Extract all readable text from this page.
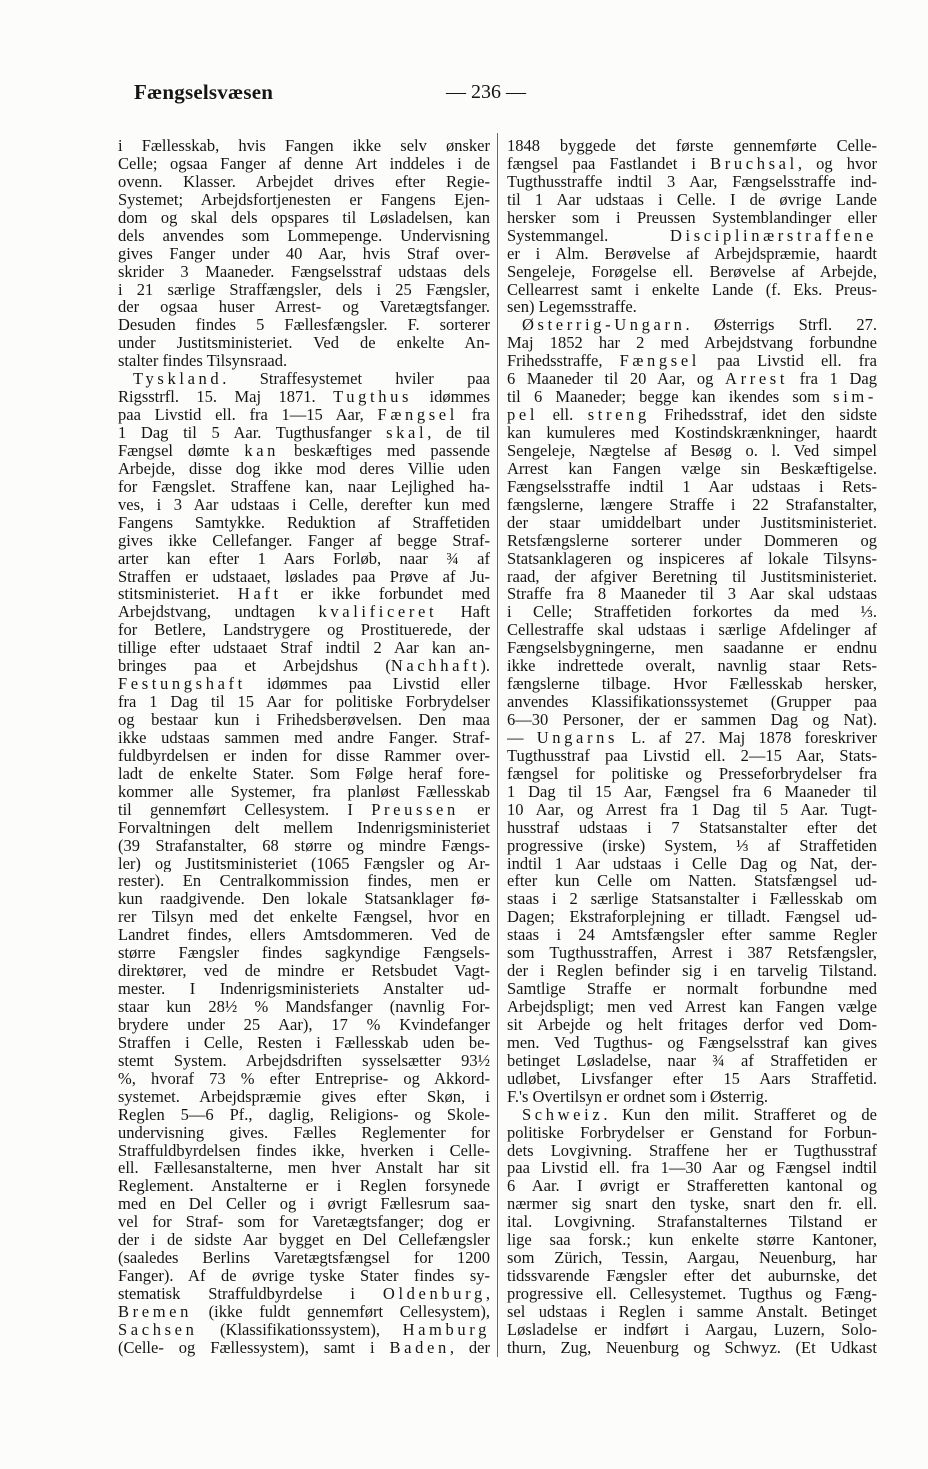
Fængselsvæsen	— 236 —
i Fællesskab, hvis Fangen ikke selv ønsker
Celle; ogsaa Fanger af denne Art inddeles i de
ovenn. Klasser. Arbejdet drives efter Regie-
Systemet; Arbejdsfortjenesten er Fangens Ejen-
dom og skal dels opspares til Løsladelsen, kan
dels anvendes som Lommepenge. Undervisning
gives Fanger under 40 Aar, hvis Straf over-
skrider 3 Maaneder. Fængselsstraf udstaas dels
i 21 særlige Straffængsler, dels i 25 Fængsler,
der ogsaa huser Arrest- og Varetægtsfanger.
Desuden findes 5 Fællesfængsler. F. sorterer
under Justitsministeriet. Ved de enkelte An-
stalter findes Tilsynsraad.
Tyskland. Straffesystemet hviler paa
Rigsstrfl. 15. Maj 1871. Tugthus idømmes
paa Livstid ell. fra 1—15 Aar, Fængsel fra
1 Dag til 5 Aar. Tugthusfanger skal, de til
Fængsel dømte kan beskæftiges med passende
Arbejde, disse dog ikke mod deres Villie uden
for Fængslet. Straffene kan, naar Lejlighed ha-
ves, i 3 Aar udstaas i Celle, derefter kun med
Fangens Samtykke. Reduktion af Straffetiden
gives ikke Cellefanger. Fanger af begge Straf-
arter kan efter 1 Aars Forløb, naar ¾ af
Straffen er udstaaet, løslades paa Prøve af Ju-
stitsministeriet. Haft er ikke forbundet med
Arbejdstvang, undtagen kvalificeret Haft
for Betlere, Landstrygere og Prostituerede, der
tillige efter udstaaet Straf indtil 2 Aar kan an-
bringes paa et Arbejdshus (Nachhaft).
Festungshaft idømmes paa Livstid eller
fra 1 Dag til 15 Aar for politiske Forbrydelser
og bestaar kun i Frihedsberøvelsen. Den maa
ikke udstaas sammen med andre Fanger. Straf-
fuldbyrdelsen er inden for disse Rammer over-
ladt de enkelte Stater. Som Følge heraf fore-
kommer alle Systemer, fra planløst Fællesskab
til gennemført Cellesystem. I Preussen er
Forvaltningen delt mellem Indenrigsministeriet
(39 Strafanstalter, 68 større og mindre Fængs-
ler) og Justitsministeriet (1065 Fængsler og Ar-
rester). En Centralkommission findes, men er
kun raadgivende. Den lokale Statsanklager fø-
rer Tilsyn med det enkelte Fængsel, hvor en
Landret findes, ellers Amtsdommeren. Ved de
større Fængsler findes sagkyndige Fængsels-
direktører, ved de mindre er Retsbudet Vagt-
mester. I Indenrigsministeriets Anstalter ud-
staar kun 28½ % Mandsfanger (navnlig For-
brydere under 25 Aar), 17 % Kvindefanger
Straffen i Celle, Resten i Fællesskab uden be-
stemt System. Arbejdsdriften sysselsætter 93½
%, hvoraf 73 % efter Entreprise- og Akkord-
systemet. Arbejdspræmie gives efter Skøn, i
Reglen 5—6 Pf., daglig, Religions- og Skole-
undervisning gives. Fælles Reglementer for
Straffuldbyrdelsen findes ikke, hverken i Celle-
ell. Fællesanstalterne, men hver Anstalt har sit
Reglement. Anstalterne er i Reglen forsynede
med en Del Celler og i øvrigt Fællesrum saa-
vel for Straf- som for Varetægtsfanger; dog er
der i de sidste Aar bygget en Del Cellefængsler
(saaledes Berlins Varetægtsfængsel for 1200
Fanger). Af de øvrige tyske Stater findes sy-
stematisk Straffuldbyrdelse i Oldenburg,
Bremen (ikke fuldt gennemført Cellesystem),
Sachsen (Klassifikationssystem), Hamburg
(Celle- og Fællessystem), samt i Baden, der
1848 byggede det første gennemførte Celle-
fængsel paa Fastlandet i Bruchsal, og hvor
Tugthusstraffe indtil 3 Aar, Fængselsstraffe ind-
til 1 Aar udstaas i Celle. I de øvrige Lande
hersker som i Preussen Systemblandinger eller
Systemmangel. Disciplinærstraffene
er i Alm. Berøvelse af Arbejdspræmie, haardt
Sengeleje, Forøgelse ell. Berøvelse af Arbejde,
Cellearrest samt i enkelte Lande (f. Eks. Preus-
sen) Legemsstraffe.
Østerrig-Ungarn. Østerrigs Strfl. 27.
Maj 1852 har 2 med Arbejdstvang forbundne
Frihedsstraffe, Fængsel paa Livstid ell. fra
6 Maaneder til 20 Aar, og Arrest fra 1 Dag
til 6 Maaneder; begge kan ikendes som sim-
pel ell. streng Frihedsstraf, idet den sidste
kan kumuleres med Kostindskrænkninger, haardt
Sengeleje, Nægtelse af Besøg o. l. Ved simpel
Arrest kan Fangen vælge sin Beskæftigelse.
Fængselsstraffe indtil 1 Aar udstaas i Rets-
fængslerne, længere Straffe i 22 Strafanstalter,
der staar umiddelbart under Justitsministeriet.
Retsfængslerne sorterer under Dommeren og
Statsanklageren og inspiceres af lokale Tilsyns-
raad, der afgiver Beretning til Justitsministeriet.
Straffe fra 8 Maaneder til 3 Aar skal udstaas
i Celle; Straffetiden forkortes da med ⅓.
Cellestraffe skal udstaas i særlige Afdelinger af
Fængselsbygningerne, men saadanne er endnu
ikke indrettede overalt, navnlig staar Rets-
fængslerne tilbage. Hvor Fællesskab hersker,
anvendes Klassifikationssystemet (Grupper paa
6—30 Personer, der er sammen Dag og Nat).
— Ungarns L. af 27. Maj 1878 foreskriver
Tugthusstraf paa Livstid ell. 2—15 Aar, Stats-
fængsel for politiske og Presseforbrydelser fra
1 Dag til 15 Aar, Fængsel fra 6 Maaneder til
10 Aar, og Arrest fra 1 Dag til 5 Aar. Tugt-
husstraf udstaas i 7 Statsanstalter efter det
progressive (irske) System, ⅓ af Straffetiden
indtil 1 Aar udstaas i Celle Dag og Nat, der-
efter kun Celle om Natten. Statsfængsel ud-
staas i 2 særlige Statsanstalter i Fællesskab om
Dagen; Ekstraforplejning er tilladt. Fængsel ud-
staas i 24 Amtsfængsler efter samme Regler
som Tugthusstraffen, Arrest i 387 Retsfængsler,
der i Reglen befinder sig i en tarvelig Tilstand.
Samtlige Straffe er normalt forbundne med
Arbejdspligt; men ved Arrest kan Fangen vælge
sit Arbejde og helt fritages derfor ved Dom-
men. Ved Tugthus- og Fængselsstraf kan gives
betinget Løsladelse, naar ¾ af Straffetiden er
udløbet, Livsfanger efter 15 Aars Straffetid.
F.'s Overtilsyn er ordnet som i Østerrig.
Schweiz. Kun den milit. Strafferet og de
politiske Forbrydelser er Genstand for Forbun-
dets Lovgivning. Straffene her er Tugthusstraf
paa Livstid ell. fra 1—30 Aar og Fængsel indtil
6 Aar. I øvrigt er Strafferetten kantonal og
nærmer sig snart den tyske, snart den fr. ell.
ital. Lovgivning. Strafanstalternes Tilstand er
lige saa forsk.; kun enkelte større Kantoner,
som Zürich, Tessin, Aargau, Neuenburg, har
tidssvarende Fængsler efter det auburnske, det
progressive ell. Cellesystemet. Tugthus og Fæng-
sel udstaas i Reglen i samme Anstalt. Betinget
Løsladelse er indført i Aargau, Luzern, Solo-
thurn, Zug, Neuenburg og Schwyz. (Et Udkast
